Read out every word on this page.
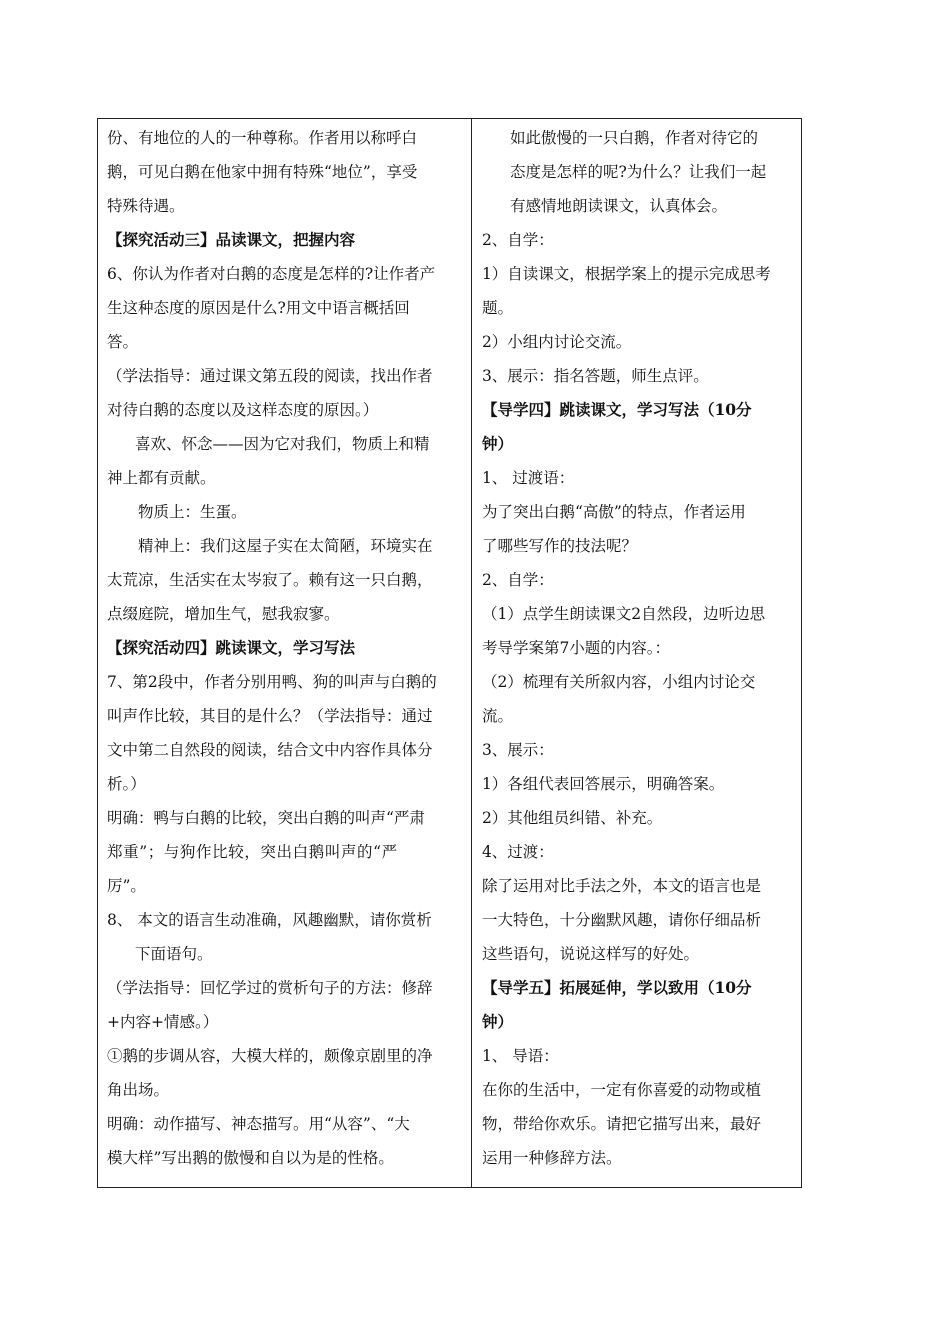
份、有地位的人的一种尊称。作者用以称呼白
鹅，可见白鹅在他家中拥有特殊“地位”，享受
特殊待遇。
【探究活动三】品读课文，把握内容
6、你认为作者对白鹅的态度是怎样的?让作者产
生这种态度的原因是什么?用文中语言概括回
答。
（学法指导：通过课文第五段的阅读，找出作者
对待白鹅的态度以及这样态度的原因。）
喜欢、怀念——因为它对我们，物质上和精
神上都有贡献。
物质上：生蛋。
精神上：我们这屋子实在太简陋，环境实在
太荒凉，生活实在太岑寂了。赖有这一只白鹅，
点缀庭院，增加生气，慰我寂寥。
【探究活动四】跳读课文，学习写法
7、第2段中，作者分别用鸭、狗的叫声与白鹅的
叫声作比较，其目的是什么？（学法指导：通过
文中第二自然段的阅读，结合文中内容作具体分
析。）
明确：鸭与白鹅的比较，突出白鹅的叫声“严肃
郑重”；与狗作比较，突出白鹅叫声的“严
厉”。
8、 本文的语言生动准确，风趣幽默，请你赏析
下面语句。
（学法指导：回忆学过的赏析句子的方法：修辞
+内容+情感。）
①鹅的步调从容，大模大样的，颇像京剧里的净
角出场。
明确：动作描写、神态描写。用“从容”、“大
模大样”写出鹅的傲慢和自以为是的性格。
如此傲慢的一只白鹅，作者对待它的
态度是怎样的呢?为什么？让我们一起
有感情地朗读课文，认真体会。
2、自学：
1）自读课文，根据学案上的提示完成思考
题。
2）小组内讨论交流。
3、展示：指名答题，师生点评。
【导学四】跳读课文，学习写法（10分
钟）
1、 过渡语：
为了突出白鹅“高傲”的特点，作者运用
了哪些写作的技法呢？
2、自学：
（1）点学生朗读课文2自然段，边听边思
考导学案第7小题的内容。：
（2）梳理有关所叙内容，小组内讨论交
流。
3、展示：
1）各组代表回答展示，明确答案。
2）其他组员纠错、补充。
4、过渡：
除了运用对比手法之外，本文的语言也是
一大特色，十分幽默风趣，请你仔细品析
这些语句，说说这样写的好处。
【导学五】拓展延伸，学以致用（10分
钟）
1、 导语：
在你的生活中，一定有你喜爱的动物或植
物，带给你欢乐。请把它描写出来，最好
运用一种修辞方法。
